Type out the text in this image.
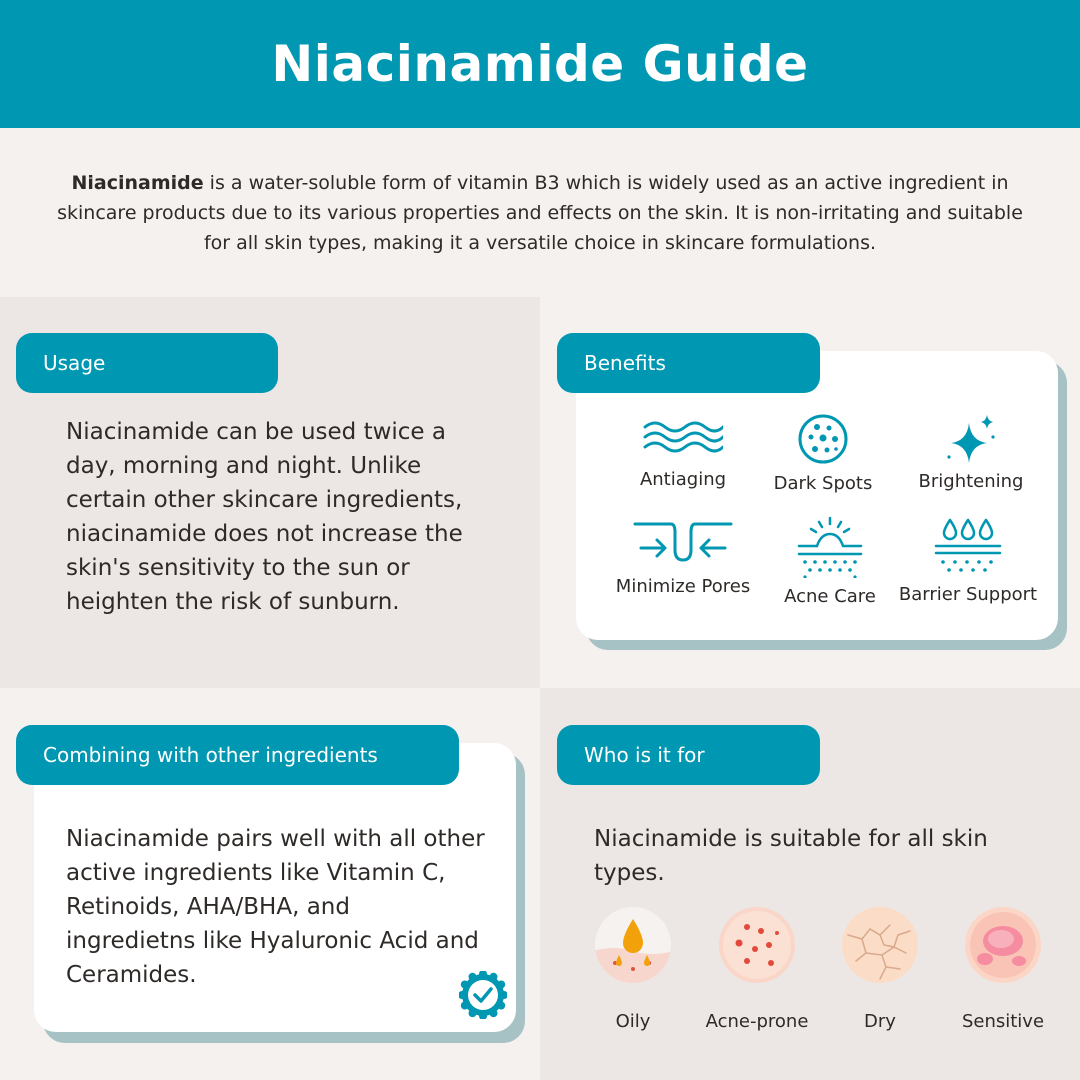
Niacinamide Guide

Niacinamide is a water-soluble form of vitamin B3 which is widely used as an active ingredient in skincare products due to its various properties and effects on the skin. It is non-irritating and suitable for all skin types, making it a versatile choice in skincare formulations.

Usage

Niacinamide can be used twice a day, morning and night. Unlike certain other skincare ingredients, niacinamide does not increase the skin's sensitivity to the sun or heighten the risk of sunburn.

Benefits
Antiaging	Dark Spots	Brightening
Minimize Pores	Acne Care	Barrier Support
Combining with other ingredients

Niacinamide pairs well with all other active ingredients like Vitamin C, Retinoids, AHA/BHA, and ingredietns like Hyaluronic Acid and Ceramides.

Who is it for

Niacinamide is suitable for all skin types.

Oily	Acne-prone	Dry	Sensitive
